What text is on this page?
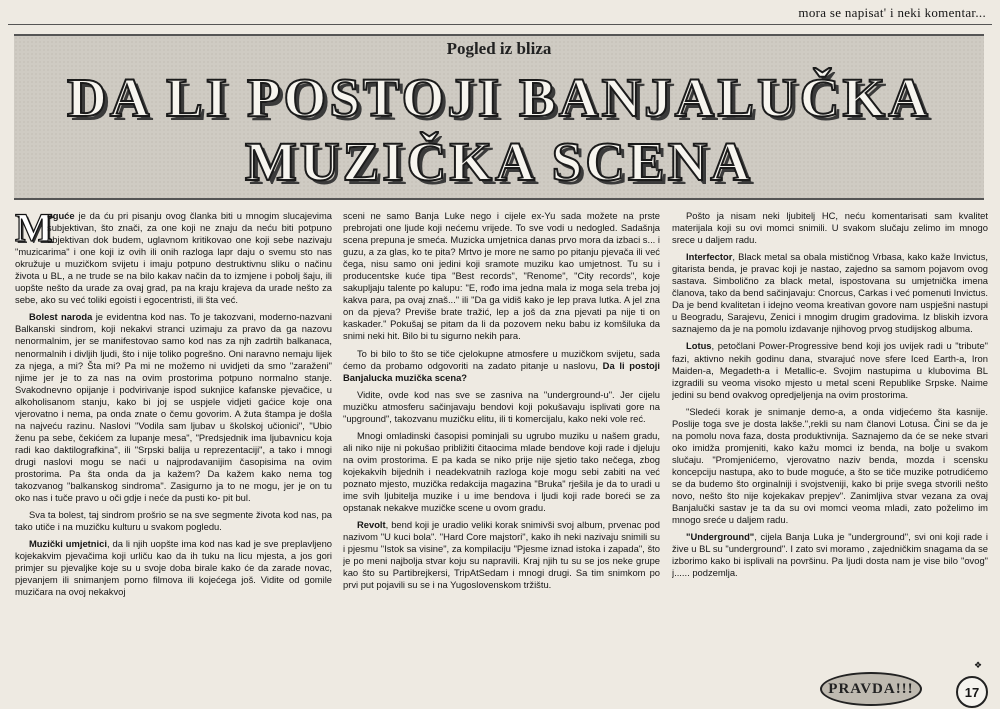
mora se napisat' i neki komentar...
Pogled iz bliza
DA LI POSTOJI BANJALUČKA MUZIČKA SCENA

M
oguće je da ću pri pisanju ovog članka biti u mnogim slucajevima subjektivan, što znači, za one koji ne znaju da neću biti potpuno objektivan dok budem, uglavnom kritikovao one koji sebe nazivaju "muzicarima" i one koji iz ovih ili onih razloga lapr daju o svemu sto nas okružuje u muzičkom svijetu i imaju potpuno destruktivnu sliku o načinu života u BL, a ne trude se na bilo kakav način da to izmjene i pobolj šaju, ili uopšte nešto da urade za ovaj grad, pa na kraju krajeva da urade nešto za sebe, ako su već toliki egoisti i egocentristi, ili šta već.

Bolest naroda je evidentna kod nas. To je takozvani, moderno-nazvani Balkanski sindrom, koji nekakvi stranci uzimaju za pravo da ga nazovu nenormalnim, jer se manifestovao samo kod nas za njh zadrtih balkanaca, nenormalnih i divljih ljudi, što i nije toliko pogrešno. Oni naravno nemaju lijek za njega, a mi? Šta mi? Pa mi ne možemo ni uvidjeti da smo "zaraženi" njime jer je to za nas na ovim prostorima potpuno normalno stanje. Svakodnevno opijanje i podvirivanje ispod suknjice kafanske pjevačice, u alkoholisanom stanju, kako bi joj se uspjele vidjeti gaćice koje ona vjerovatno i nema, pa onda znate o čemu govorim. A žuta štampa je došla na najveću razinu. Naslovi "Vodila sam ljubav u školskoj učionici", "Ubio ženu pa sebe, čekićem za lupanje mesa", "Predsjednik ima ljubavnicu koja radi kao daktilografkina", ili "Srpski balija u reprezentaciji", a tako i mnogi drugi naslovi mogu se naći u najprodavanijim časopisima na ovim prostorima. Pa šta onda da ja kažem? Da kažem kako nema tog takozvanog "balkanskog sindroma". Zasigurno ja to ne mogu, jer je on tu oko nas i tuče pravo u oči gdje i neće da pusti ko- pit bul.

Sva ta bolest, taj sindrom prošrio se na sve segmente života kod nas, pa tako utiče i na muzičku kulturu u svakom pogledu.

Muzički umjetnici, da li njih uopšte ima kod nas kad je sve preplavljeno kojekakvim pjevačima koji urliču kao da ih tuku na licu mjesta, a jos gori primjer su pjevaljke koje su u svoje doba birale kako će da zarade novac, pjevanjem ili snimanjem porno filmova ili kojećega još. Vidite od gomile muzičara na ovoj nekakvoj

sceni ne samo Banja Luke nego i cijele ex-Yu sada možete na prste prebrojati one ljude koji nećemu vrijede. To sve vodi u nedogled. Sadašnja scena prepuna je smeća. Muzicka umjetnica danas prvo mora da izbaci s... i guzu, a za glas, ko te pita? Mrtvo je more ne samo po pitanju pjevača ili već čega, nisu samo oni jedini koji sramote muziku kao umjetnost. Tu su i producentske kuće tipa "Best records", "Renome", "City records", koje sakupljaju talente po kalupu: "E, rođo ima jedna mala iz moga sela treba joj kakva para, pa ovaj znaš..." ili "Da ga vidiš kako je lep prava lutka. A jel zna on da pjeva? Previše brate tražić, lep a još da zna pjevati pa nije ti on kaskader." Pokušaj se pitam da li da pozovem neku babu iz komšiluka da snimi neki hit. Bilo bi tu sigurno nekih para.

To bi bilo to što se tiče cjelokupne atmosfere u muzičkom svijetu, sada ćemo da probamo odgovoriti na zadato pitanje u naslovu, Da li postoji Banjalucka muzička scena?

Vidite, ovde kod nas sve se zasniva na "underground-u". Jer cijelu muzičku atmosferu sačinjavaju bendovi koji pokušavaju isplivati gore na "upground", takozvanu muzičku elitu, ili ti komercijalu, kako neki vole reć.

Mnogi omladinski časopisi pominjali su ugrubo muziku u našem gradu, ali niko nije ni pokušao približiti čitaocima mlade bendove koji rade i djeluju na ovim prostorima. E pa kada se niko prije nije sjetio tako nečega, zbog kojekakvih bijednih i neadekvatnih razloga koje mogu sebi zabiti na već poznato mjesto, muzička redakcija magazina "Bruka" rješila je da to uradi u ime svih ljubitelja muzike i u ime bendova i ljudi koji rade boreći se za opstanak nekakve muzičke scene u ovom gradu.

Revolt, bend koji je uradio veliki korak snimivši svoj album, prvenac pod nazivom "U kuci bola". "Hard Core majstori", kako ih neki nazivaju snimili su i pjesmu "Istok sa visine", za kompilaciju "Pjesme iznad istoka i zapada", što je po meni najbolja stvar koju su napravili. Kraj njih tu su se jos neke grupe kao što su Partibrejkersi, TripAtSedam i mnogi drugi. Sa tim snimkom po prvi put pojavili su se i na Yugoslovenskom tržištu.

Pošto ja nisam neki ljubitelj HC, neću komentarisati sam kvalitet materijala koji su ovi momci snimili. U svakom slučaju zelimo im mnogo srece u daljem radu.

Interfector, Black metal sa obala mističnog Vrbasa, kako kaže Invictus, gitarista benda, je pravac koji je nastao, zajedno sa samom pojavom ovog sastava. Simbolično za black metal, ispostovana su umjetnička imena članova, tako da bend sačinjavaju: Cnorcus, Carkas i već pomenuti Invictus. Da je bend kvalitetan i idejno veoma kreativan govore nam uspješni nastupi u Beogradu, Sarajevu, Zenici i mnogim drugim gradovima. Iz bliskih izvora saznajemo da je na pomolu izdavanje njihovog prvog studijskog albuma.

Lotus, petočlani Power-Progressive bend koji jos uvijek radi u "tribute" fazi, aktivno nekih godinu dana, stvarajuć nove sfere Iced Earth-a, Iron Maiden-a, Megadeth-a i Metallic-e. Svojim nastupima u klubovima BL izgradili su veoma visoko mjesto u metal sceni Republike Srpske. Naime jedini su bend ovakvog opredjeljenja na ovim prostorima.

"Sledeći korak je snimanje demo-a, a onda vidjećemo šta kasnije. Poslije toga sve je dosta lakše.",rekli su nam članovi Lotusa. Čini se da je na pomolu nova faza, dosta produktivnija. Saznajemo da će se neke stvari oko imidža promjeniti, kako kažu momci iz benda, na bolje u svakom slučaju. "Promjenićemo, vjerovatno naziv benda, mozda i scensku koncepciju nastupa, ako to bude moguće, a što se tiče muzike potrudićemo se da budemo što orginalniji i svojstveniji, kako bi prije svega stvorili nešto novo, nešto što nije kojekakav prepjev". Zanimljiva stvar vezana za ovaj Banjalučki sastav je ta da su ovi momci veoma mladi, zato poželimo im mnogo sreće u daljem radu.

"Underground", cijela Banja Luka je "underground", svi oni koji rade i žive u BL su "underground". I zato svi moramo , zajedničkim snagama da se izborimo kako bi isplivali na površinu. Pa ljudi dosta nam je vise bilo "ovog" j...... podzemlja.

❖
PRAVDA!!!	17
